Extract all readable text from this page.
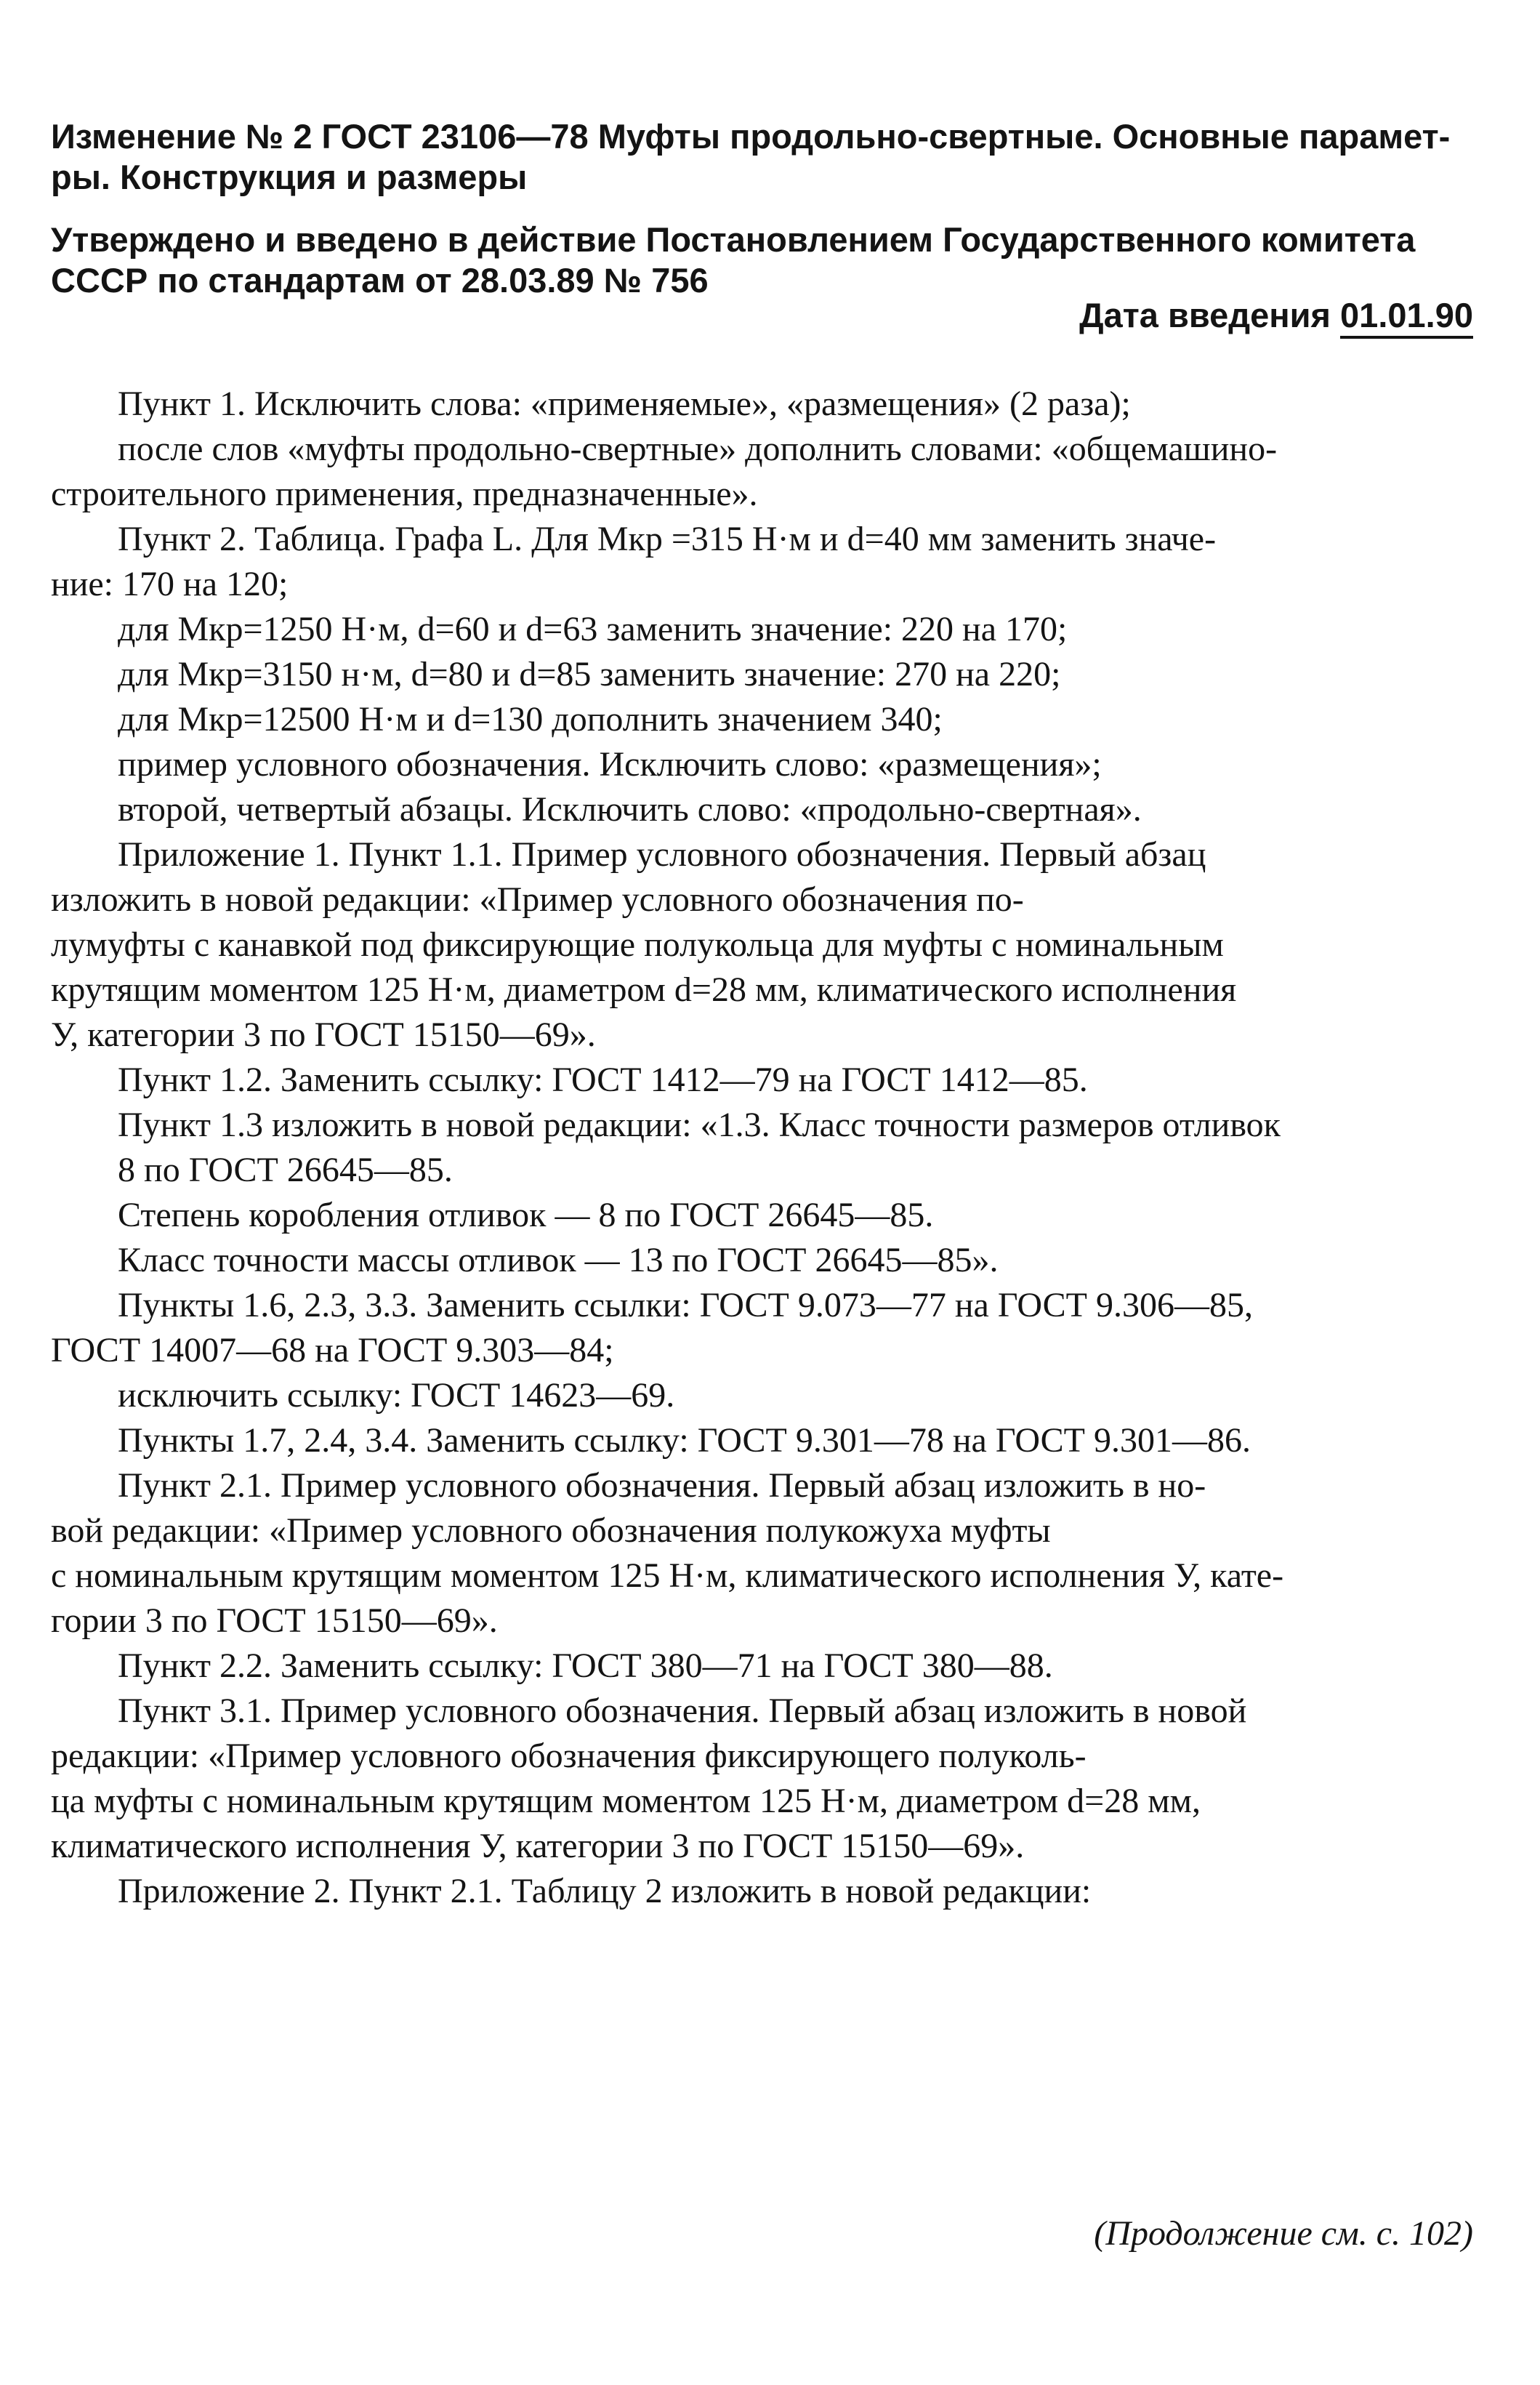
Изменение № 2 ГОСТ 23106—78 Муфты продольно-свертные. Основные парамет-
ры. Конструкция и размеры
Утверждено и введено в действие Постановлением Государственного комитета
СССР по стандартам от 28.03.89 № 756
Дата введения 01.01.90
Пункт 1. Исключить слова: «применяемые», «размещения» (2 раза);
после слов «муфты продольно-свертные» дополнить словами: «общемашино-
строительного применения, предназначенные».
Пункт 2. Таблица. Графа L. Для Mкр =315 Н·м и d=40 мм заменить значе-
ние: 170 на 120;
для Mкр=1250 Н·м, d=60 и d=63 заменить значение: 220 на 170;
для Mкр=3150 н·м, d=80 и d=85 заменить значение: 270 на 220;
для Mкр=12500 Н·м и d=130 дополнить значением 340;
пример условного обозначения. Исключить слово: «размещения»;
второй, четвертый абзацы. Исключить слово: «продольно-свертная».
Приложение 1. Пункт 1.1. Пример условного обозначения. Первый абзац
изложить в новой редакции: «Пример условного обозначения по-
лумуфты с канавкой под фиксирующие полукольца для муфты с номинальным
крутящим моментом 125 Н·м, диаметром d=28 мм, климатического исполнения
У, категории 3 по ГОСТ 15150—69».
Пункт 1.2. Заменить ссылку: ГОСТ 1412—79 на ГОСТ 1412—85.
Пункт 1.3 изложить в новой редакции: «1.3. Класс точности размеров отливок
8 по ГОСТ 26645—85.
Степень коробления отливок — 8 по ГОСТ 26645—85.
Класс точности массы отливок — 13 по ГОСТ 26645—85».
Пункты 1.6, 2.3, 3.3. Заменить ссылки: ГОСТ 9.073—77 на ГОСТ 9.306—85,
ГОСТ 14007—68 на ГОСТ 9.303—84;
исключить ссылку: ГОСТ 14623—69.
Пункты 1.7, 2.4, 3.4. Заменить ссылку: ГОСТ 9.301—78 на ГОСТ 9.301—86.
Пункт 2.1. Пример условного обозначения. Первый абзац изложить в но-
вой редакции: «Пример условного обозначения полукожуха муфты
с номинальным крутящим моментом 125 Н·м, климатического исполнения У, кате-
гории 3 по ГОСТ 15150—69».
Пункт 2.2. Заменить ссылку: ГОСТ 380—71 на ГОСТ 380—88.
Пункт 3.1. Пример условного обозначения. Первый абзац изложить в новой
редакции: «Пример условного обозначения фиксирующего полуколь-
ца муфты с номинальным крутящим моментом 125 Н·м, диаметром d=28 мм,
климатического исполнения У, категории 3 по ГОСТ 15150—69».
Приложение 2. Пункт 2.1. Таблицу 2 изложить в новой редакции:
(Продолжение см. с. 102)
